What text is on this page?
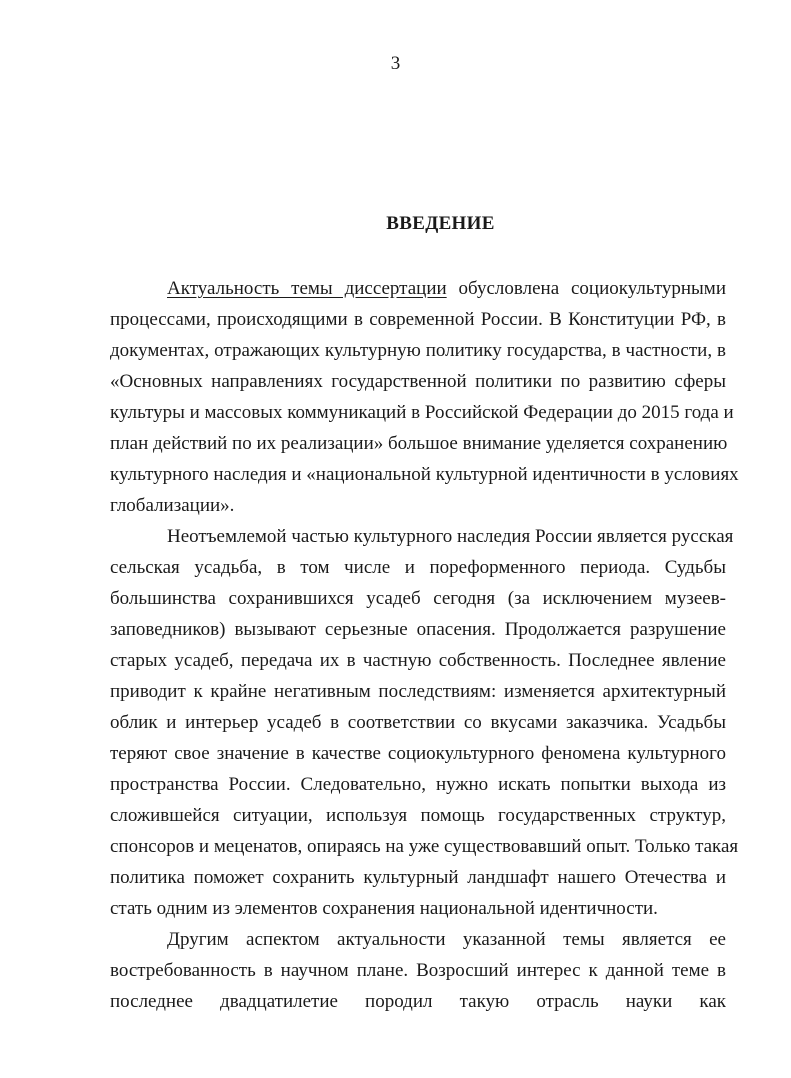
3
ВВЕДЕНИЕ
Актуальность темы диссертации обусловлена социокультурными
процессами, происходящими в современной России. В Конституции РФ, в
документах, отражающих культурную политику государства, в частности, в
«Основных направлениях государственной политики по развитию сферы
культуры и массовых коммуникаций в Российской Федерации до 2015 года и
план действий по их реализации» большое внимание уделяется сохранению
культурного наследия и «национальной культурной идентичности в условиях
глобализации».
Неотъемлемой частью культурного наследия России является русская
сельская усадьба, в том числе и пореформенного периода. Судьбы
большинства сохранившихся усадеб сегодня (за исключением музеев-
заповедников) вызывают серьезные опасения. Продолжается разрушение
старых усадеб, передача их в частную собственность. Последнее явление
приводит к крайне негативным последствиям: изменяется архитектурный
облик и интерьер усадеб в соответствии со вкусами заказчика. Усадьбы
теряют свое значение в качестве социокультурного феномена культурного
пространства России. Следовательно, нужно искать попытки выхода из
сложившейся ситуации, используя помощь государственных структур,
спонсоров и меценатов, опираясь на уже существовавший опыт. Только такая
политика поможет сохранить культурный ландшафт нашего Отечества и
стать одним из элементов сохранения национальной идентичности.
Другим аспектом актуальности указанной темы является ее
востребованность в научном плане. Возросший интерес к данной теме в
последнее двадцатилетие породил такую отрасль науки как
